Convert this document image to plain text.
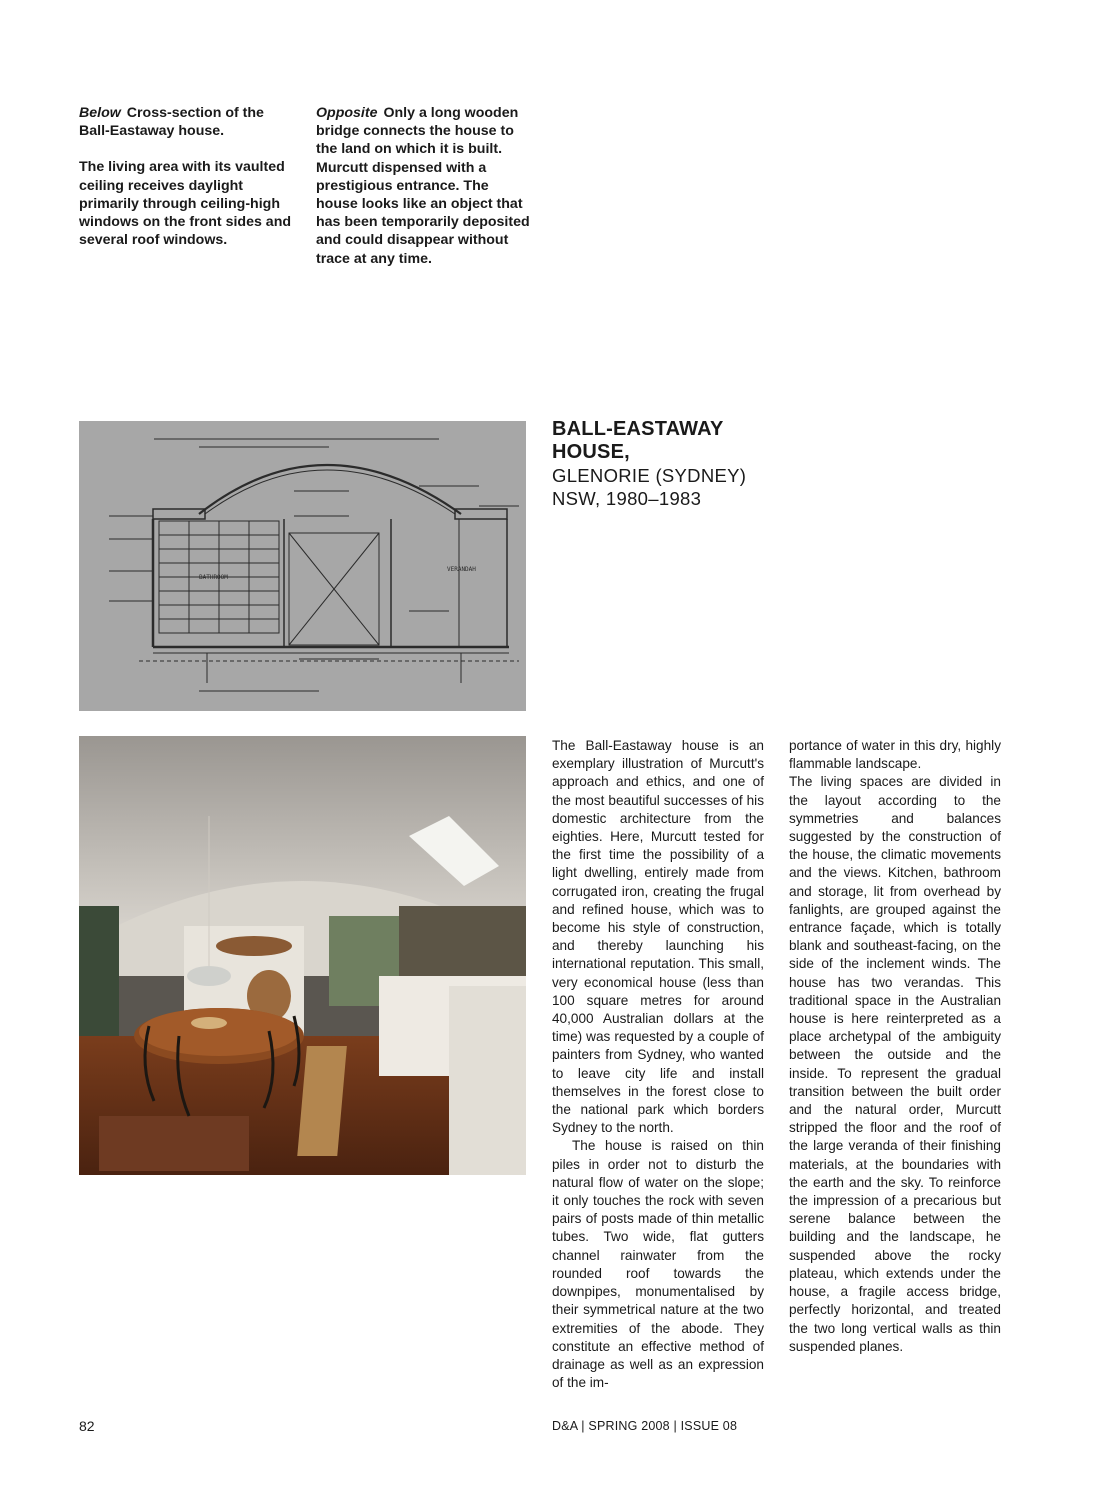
Below Cross-section of the Ball-Eastaway house.

The living area with its vaulted ceiling receives daylight primarily through ceiling-high windows on the front sides and several roof windows.

Opposite Only a long wooden bridge connects the house to the land on which it is built. Murcutt dispensed with a prestigious entrance. The house looks like an object that has been temporarily deposited and could disappear without trace at any time.

BALL-EASTAWAY
HOUSE,
GLENORIE (SYDNEY)
NSW, 1980–1983
BATHROOM
VERANDAH

The Ball-Eastaway house is an exemplary illustration of Murcutt's approach and ethics, and one of the most beautiful successes of his domestic architecture from the eighties. Here, Murcutt tested for the first time the possibility of a light dwelling, entirely made from corrugated iron, creating the frugal and refined house, which was to become his style of construction, and thereby launching his international reputation. This small, very economical house (less than 100 square metres for around 40,000 Australian dollars at the time) was requested by a couple of painters from Sydney, who wanted to leave city life and install themselves in the forest close to the national park which borders Sydney to the north.

The house is raised on thin piles in order not to disturb the natural flow of water on the slope; it only touches the rock with seven pairs of posts made of thin metallic tubes. Two wide, flat gutters channel rainwater from the rounded roof towards the downpipes, monumentalised by their symmetrical nature at the two extremities of the abode. They constitute an effective method of drainage as well as an expression of the im-

portance of water in this dry, highly flammable landscape.

The living spaces are divided in the layout according to the symmetries and balances suggested by the construction of the house, the climatic movements and the views. Kitchen, bathroom and storage, lit from overhead by fanlights, are grouped against the entrance façade, which is totally blank and southeast-facing, on the side of the inclement winds. The house has two verandas. This traditional space in the Australian house is here reinterpreted as a place archetypal of the ambiguity between the outside and the inside. To represent the gradual transition between the built order and the natural order, Murcutt stripped the floor and the roof of the large veranda of their finishing materials, at the boundaries with the earth and the sky. To reinforce the impression of a precarious but serene balance between the building and the landscape, he suspended above the rocky plateau, which extends under the house, a fragile access bridge, perfectly horizontal, and treated the two long vertical walls as thin suspended planes.

82	D&A | SPRING 2008 | ISSUE 08
